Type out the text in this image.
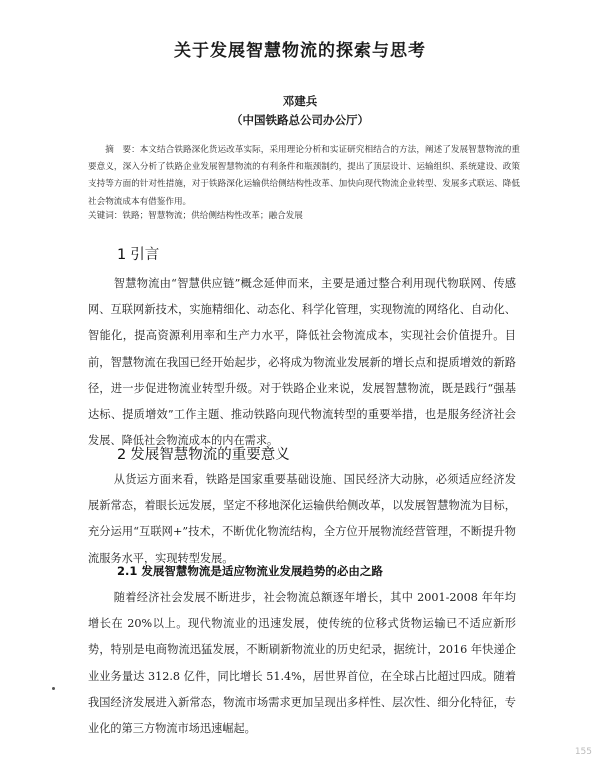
关于发展智慧物流的探索与思考
邓建兵
（中国铁路总公司办公厅）
摘　要：本文结合铁路深化货运改革实际，采用理论分析和实证研究相结合的方法，阐述了发展智慧物流的重要意义，深入分析了铁路企业发展智慧物流的有利条件和瓶颈制约，提出了顶层设计、运输组织、系统建设、政策支持等方面的针对性措施，对于铁路深化运输供给侧结构性改革、加快向现代物流企业转型、发展多式联运、降低社会物流成本有借鉴作用。
关键词：铁路；智慧物流；供给侧结构性改革；融合发展
1 引言
智慧物流由“智慧供应链”概念延伸而来，主要是通过整合利用现代物联网、传感网、互联网新技术，实施精细化、动态化、科学化管理，实现物流的网络化、自动化、智能化，提高资源利用率和生产力水平，降低社会物流成本，实现社会价值提升。目前，智慧物流在我国已经开始起步，必将成为物流业发展新的增长点和提质增效的新路径，进一步促进物流业转型升级。对于铁路企业来说，发展智慧物流，既是践行“强基达标、提质增效”工作主题、推动铁路向现代物流转型的重要举措，也是服务经济社会发展、降低社会物流成本的内在需求。
2 发展智慧物流的重要意义
从货运方面来看，铁路是国家重要基础设施、国民经济大动脉，必须适应经济发展新常态，着眼长远发展，坚定不移地深化运输供给侧改革，以发展智慧物流为目标，充分运用“互联网+”技术，不断优化物流结构，全方位开展物流经营管理，不断提升物流服务水平，实现转型发展。
2.1 发展智慧物流是适应物流业发展趋势的必由之路
随着经济社会发展不断进步，社会物流总额逐年增长，其中 2001-2008 年年均增长在 20%以上。现代物流业的迅速发展，使传统的位移式货物运输已不适应新形势，特别是电商物流迅猛发展，不断刷新物流业的历史纪录，据统计，2016 年快递企业业务量达 312.8 亿件，同比增长 51.4%，居世界首位，在全球占比超过四成。随着我国经济发展进入新常态，物流市场需求更加呈现出多样性、层次性、细分化特征，专业化的第三方物流市场迅速崛起。
155
